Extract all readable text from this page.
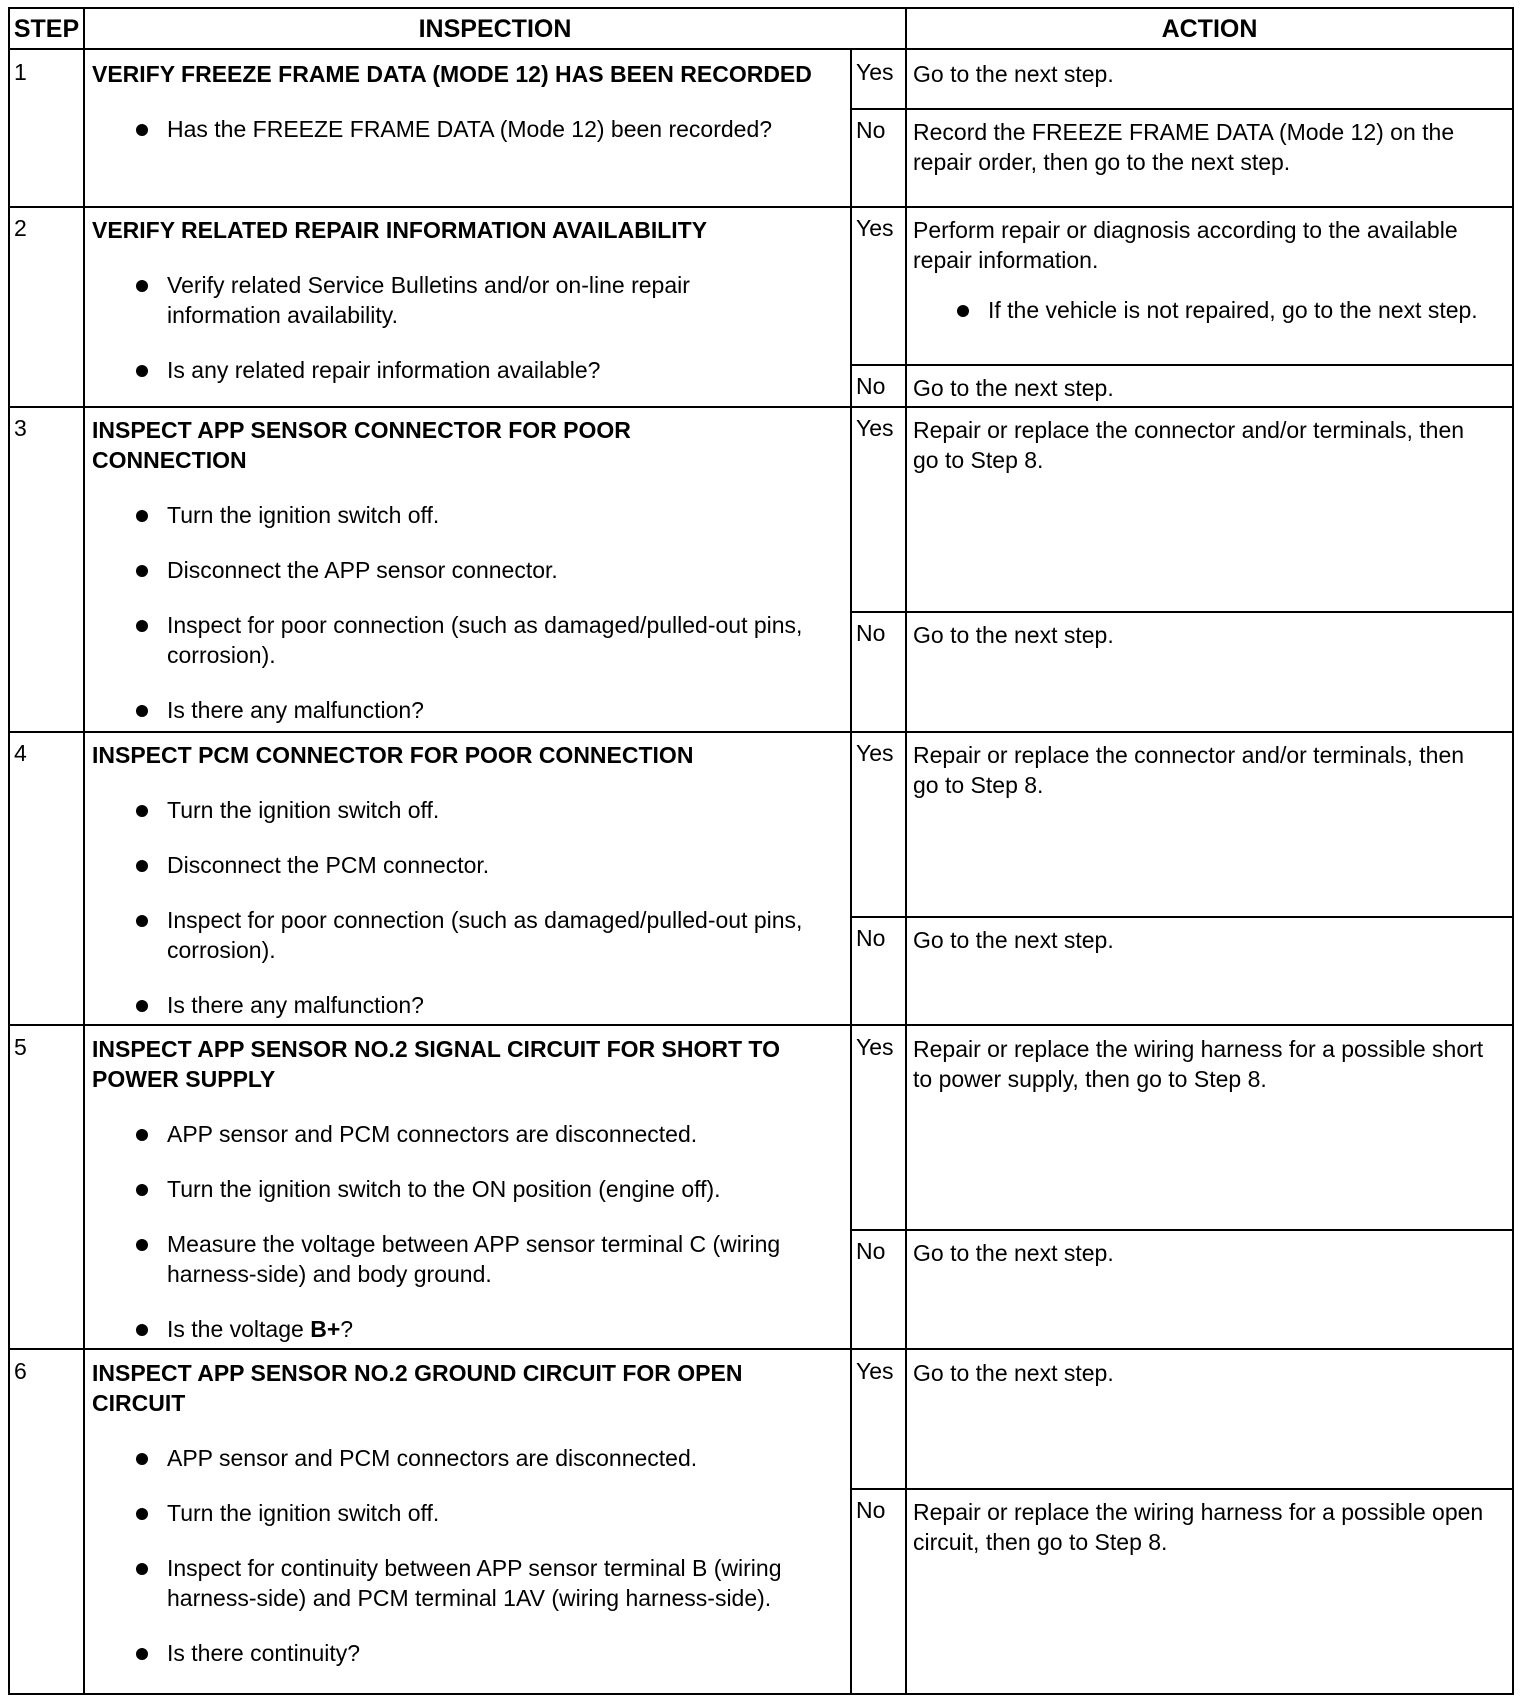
STEP	INSPECTION	ACTION
1	VERIFY FREEZE FRAME DATA (MODE 12) HAS BEEN RECORDED
Has the FREEZE FRAME DATA (Mode 12) been recorded?
Yes Go to the next step.
No Record the FREEZE FRAME DATA (Mode 12) on the repair order, then go to the next step.
2	VERIFY RELATED REPAIR INFORMATION AVAILABILITY
Verify related Service Bulletins and/or on-line repair information availability.
Is any related repair information available?
Yes Perform repair or diagnosis according to the available repair information.
If the vehicle is not repaired, go to the next step.
No Go to the next step.
3	INSPECT APP SENSOR CONNECTOR FOR POOR CONNECTION
Turn the ignition switch off.
Disconnect the APP sensor connector.
Inspect for poor connection (such as damaged/pulled-out pins, corrosion).
Is there any malfunction?
Yes Repair or replace the connector and/or terminals, then go to Step 8.
No Go to the next step.
4	INSPECT PCM CONNECTOR FOR POOR CONNECTION
Turn the ignition switch off.
Disconnect the PCM connector.
Inspect for poor connection (such as damaged/pulled-out pins, corrosion).
Is there any malfunction?
Yes Repair or replace the connector and/or terminals, then go to Step 8.
No Go to the next step.
5	INSPECT APP SENSOR NO.2 SIGNAL CIRCUIT FOR SHORT TO POWER SUPPLY
APP sensor and PCM connectors are disconnected.
Turn the ignition switch to the ON position (engine off).
Measure the voltage between APP sensor terminal C (wiring harness-side) and body ground.
Is the voltage B+?
Yes Repair or replace the wiring harness for a possible short to power supply, then go to Step 8.
No Go to the next step.
6	INSPECT APP SENSOR NO.2 GROUND CIRCUIT FOR OPEN CIRCUIT
APP sensor and PCM connectors are disconnected.
Turn the ignition switch off.
Inspect for continuity between APP sensor terminal B (wiring harness-side) and PCM terminal 1AV (wiring harness-side).
Is there continuity?
Yes Go to the next step.
No Repair or replace the wiring harness for a possible open circuit, then go to Step 8.
